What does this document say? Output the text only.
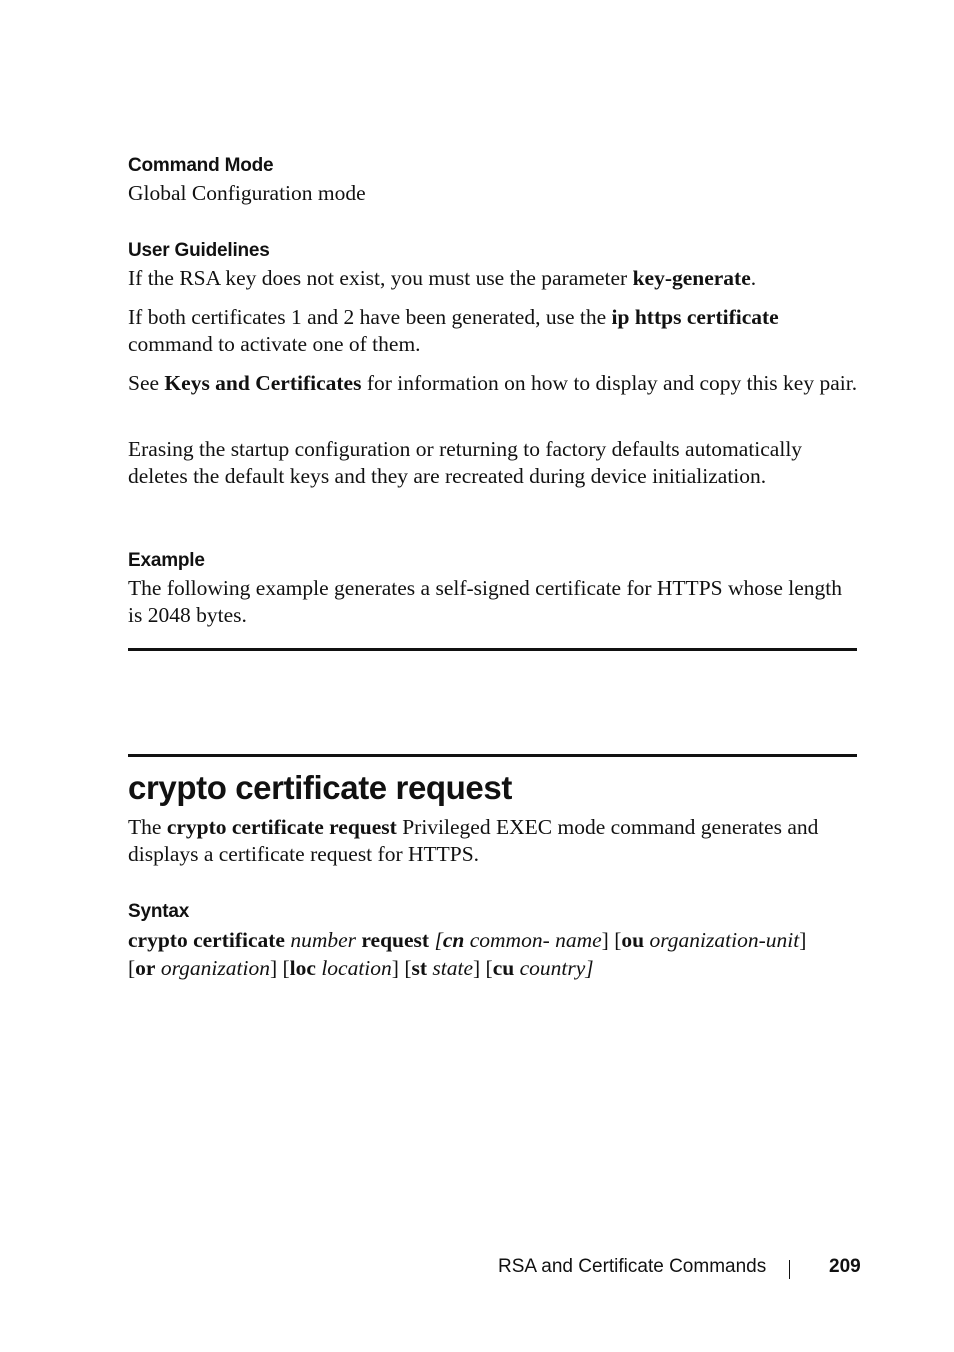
Command Mode
Global Configuration mode
User Guidelines
If the RSA key does not exist, you must use the parameter key-generate.
If both certificates 1 and 2 have been generated, use the ip https certificate command to activate one of them.
See Keys and Certificates for information on how to display and copy this key pair.
Erasing the startup configuration or returning to factory defaults automatically deletes the default keys and they are recreated during device initialization.
Example
The following example generates a self-signed certificate for HTTPS whose length is 2048 bytes.
crypto certificate request
The crypto certificate request Privileged EXEC mode command generates and displays a certificate request for HTTPS.
Syntax
crypto certificate number request [cn common- name] [ou organization-unit] [or organization] [loc location] [st state] [cu country]
RSA and Certificate Commands	209
